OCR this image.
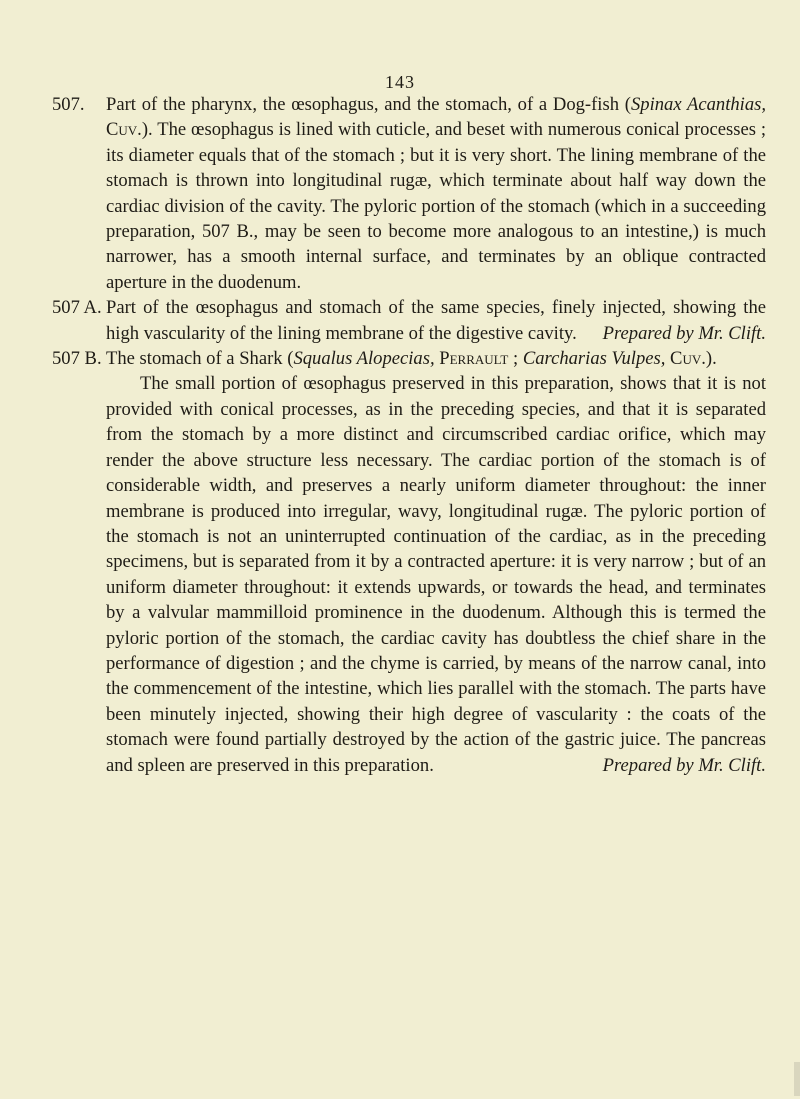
143
507. Part of the pharynx, the œsophagus, and the stomach, of a Dog-fish (Spinax Acanthias, Cuv.). The œsophagus is lined with cuticle, and beset with numerous conical processes ; its diameter equals that of the stomach ; but it is very short. The lining membrane of the stomach is thrown into longitudinal rugæ, which terminate about half way down the cardiac division of the cavity. The pyloric portion of the stomach (which in a succeeding preparation, 507 B., may be seen to become more analogous to an intestine,) is much narrower, has a smooth internal surface, and terminates by an oblique contracted aperture in the duodenum.
507 A. Part of the œsophagus and stomach of the same species, finely injected, showing the high vascularity of the lining membrane of the digestive cavity. Prepared by Mr. Clift.
507 B. The stomach of a Shark (Squalus Alopecias, Perrault ; Carcharias Vulpes, Cuv.).
The small portion of œsophagus preserved in this preparation, shows that it is not provided with conical processes, as in the preceding species, and that it is separated from the stomach by a more distinct and circumscribed cardiac orifice, which may render the above structure less necessary. The cardiac portion of the stomach is of considerable width, and preserves a nearly uniform diameter throughout: the inner membrane is produced into irregular, wavy, longitudinal rugæ. The pyloric portion of the stomach is not an uninterrupted continuation of the cardiac, as in the preceding specimens, but is separated from it by a contracted aperture: it is very narrow ; but of an uniform diameter throughout: it extends upwards, or towards the head, and terminates by a valvular mammilloid prominence in the duodenum. Although this is termed the pyloric portion of the stomach, the cardiac cavity has doubtless the chief share in the performance of digestion ; and the chyme is carried, by means of the narrow canal, into the commencement of the intestine, which lies parallel with the stomach. The parts have been minutely injected, showing their high degree of vascularity : the coats of the stomach were found partially destroyed by the action of the gastric juice. The pancreas and spleen are preserved in this preparation.	Prepared by Mr. Clift.
